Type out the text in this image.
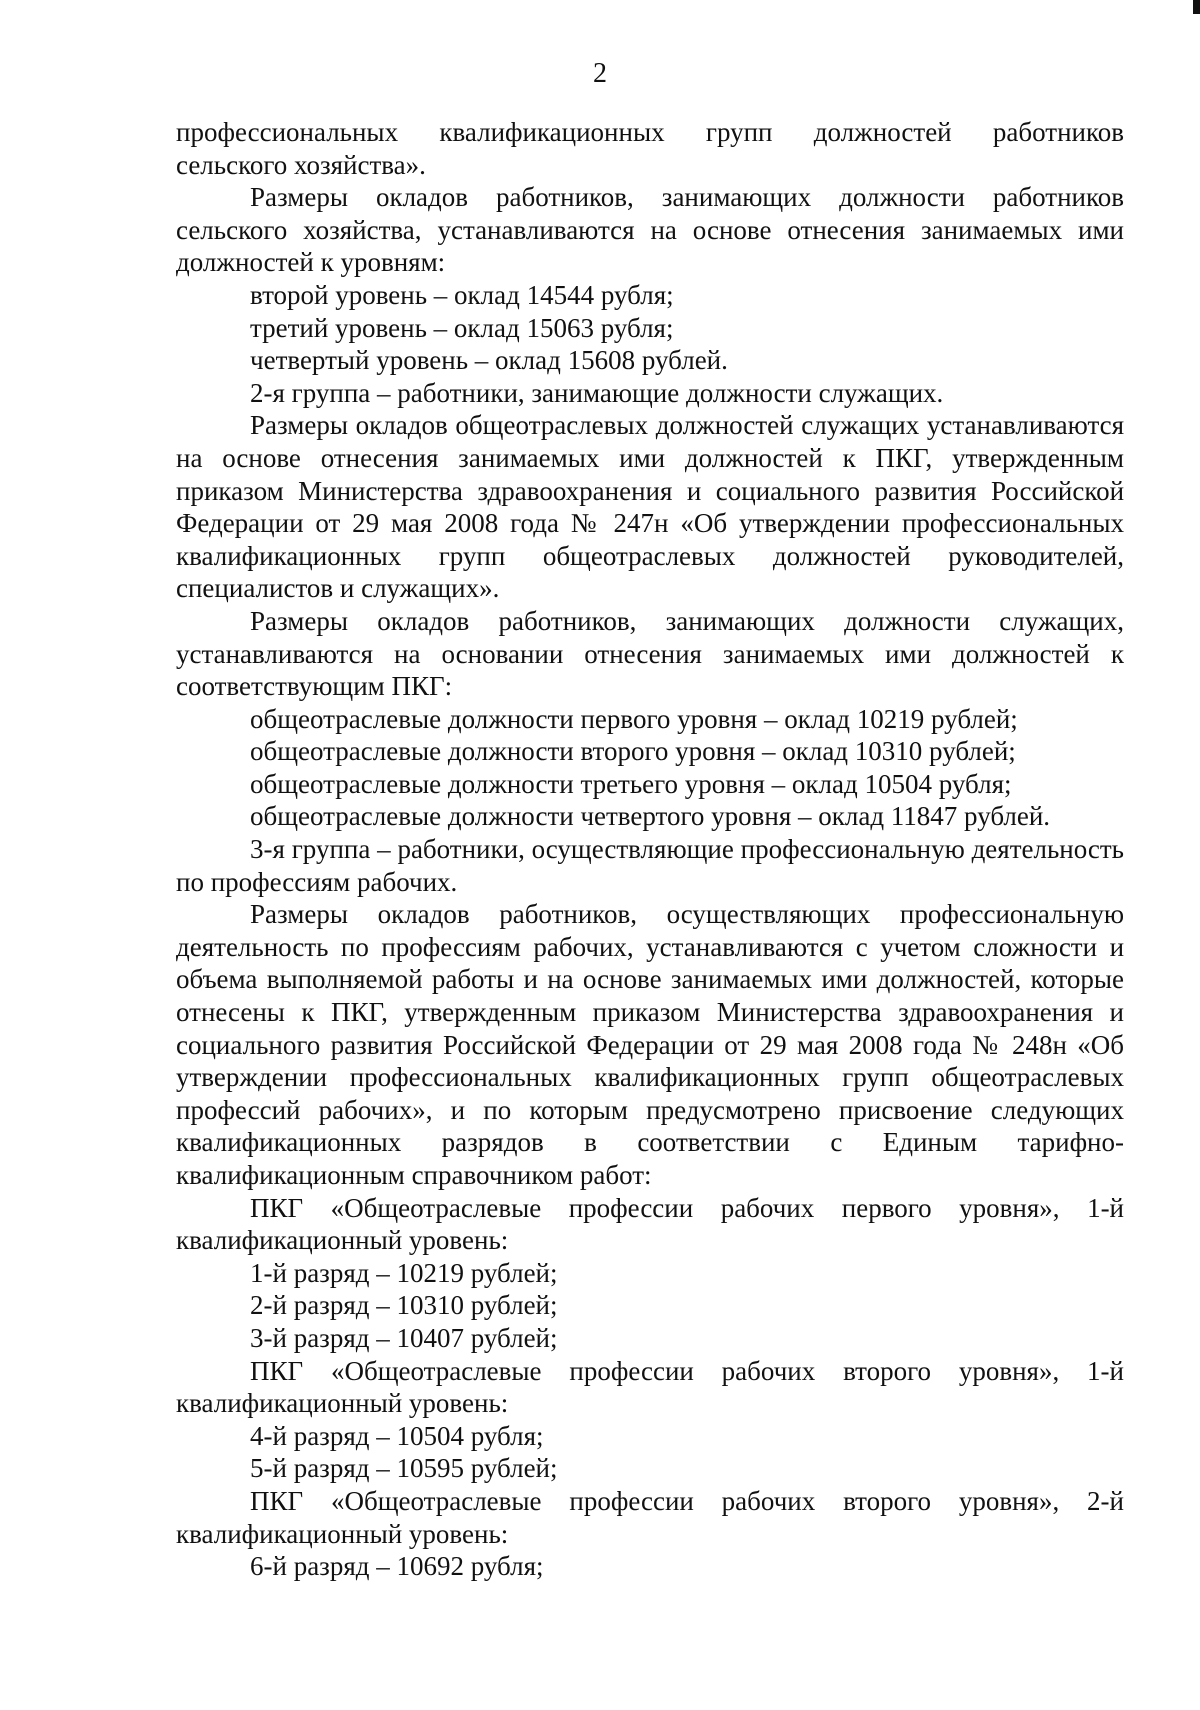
2

профессиональных квалификационных групп должностей работников

сельского хозяйства».

Размеры окладов работников, занимающих должности работников сельского хозяйства, устанавливаются на основе отнесения занимаемых ими должностей к уровням:

второй уровень – оклад 14544 рубля;

третий уровень – оклад 15063 рубля;

четвертый уровень – оклад 15608 рублей.

2-я группа – работники, занимающие должности служащих.

Размеры окладов общеотраслевых должностей служащих устанавливаются на основе отнесения занимаемых ими должностей к ПКГ, утвержденным приказом Министерства здравоохранения и социального развития Российской Федерации от 29 мая 2008 года № 247н «Об утверждении профессиональных квалификационных групп общеотраслевых должностей руководителей, специалистов и служащих».

Размеры окладов работников, занимающих должности служащих, устанавливаются на основании отнесения занимаемых ими должностей к соответствующим ПКГ:

общеотраслевые должности первого уровня – оклад 10219 рублей;

общеотраслевые должности второго уровня – оклад 10310 рублей;

общеотраслевые должности третьего уровня – оклад 10504 рубля;

общеотраслевые должности четвертого уровня – оклад 11847 рублей.

3-я группа – работники, осуществляющие профессиональную деятельность по профессиям рабочих.

Размеры окладов работников, осуществляющих профессиональную деятельность по профессиям рабочих, устанавливаются с учетом сложности и объема выполняемой работы и на основе занимаемых ими должностей, которые отнесены к ПКГ, утвержденным приказом Министерства здравоохранения и социального развития Российской Федерации от 29 мая 2008 года № 248н «Об утверждении профессиональных квалификационных групп общеотраслевых профессий рабочих», и по которым предусмотрено присвоение следующих квалификационных разрядов в соответствии с Единым тарифно-квалификационным справочником работ:

ПКГ «Общеотраслевые профессии рабочих первого уровня», 1-й квалификационный уровень:

1-й разряд – 10219 рублей;

2-й разряд – 10310 рублей;

3-й разряд – 10407 рублей;

ПКГ «Общеотраслевые профессии рабочих второго уровня», 1-й квалификационный уровень:

4-й разряд – 10504 рубля;

5-й разряд – 10595 рублей;

ПКГ «Общеотраслевые профессии рабочих второго уровня», 2-й квалификационный уровень:

6-й разряд – 10692 рубля;
